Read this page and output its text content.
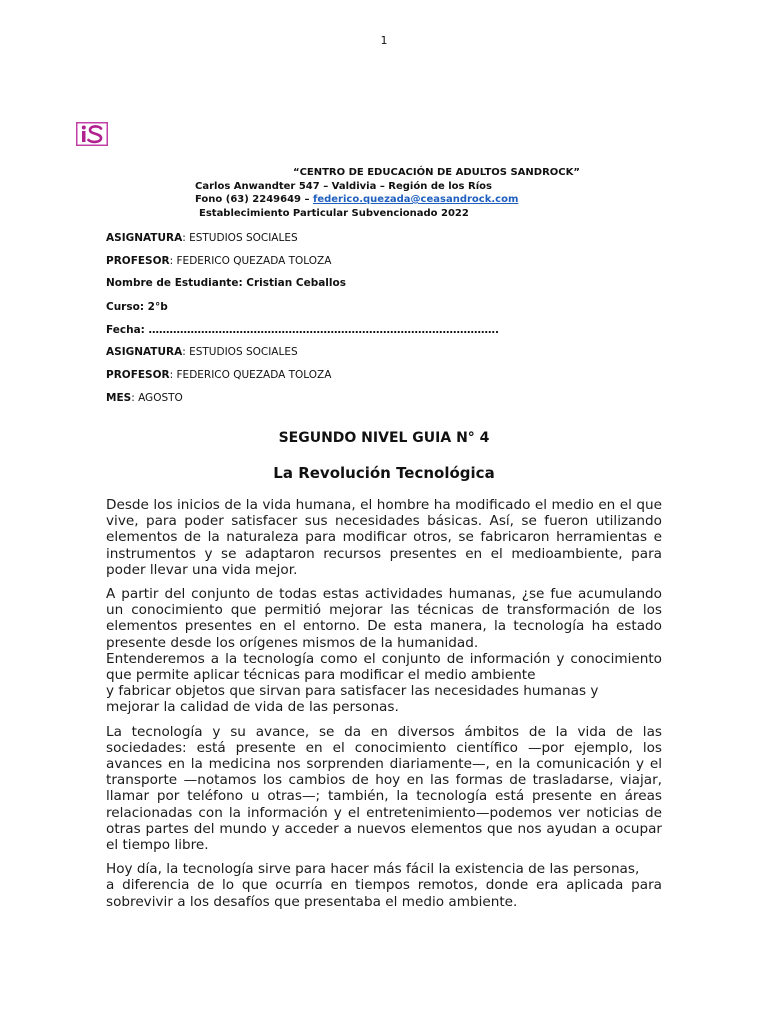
1
“CENTRO DE EDUCACIÓN DE ADULTOS SANDROCK”
Carlos Anwandter 547 – Valdivia – Región de los Ríos
Fono (63) 2249649 – federico.quezada@ceasandrock.com
Establecimiento Particular Subvencionado 2022
ASIGNATURA: ESTUDIOS SOCIALES
PROFESOR: FEDERICO QUEZADA TOLOZA
Nombre de Estudiante: Cristian Ceballos
Curso: 2°b
Fecha: ……………………………………………………………………………………….
ASIGNATURA: ESTUDIOS SOCIALES
PROFESOR: FEDERICO QUEZADA TOLOZA
MES: AGOSTO
SEGUNDO NIVEL GUIA N° 4
La Revolución Tecnológica

Desde los inicios de la vida humana, el hombre ha modificado el medio en el que vive, para poder satisfacer sus necesidades básicas. Así, se fueron utilizando elementos de la naturaleza para modificar otros, se fabricaron herramientas e instrumentos y se adaptaron recursos presentes en el medioambiente, para poder llevar una vida mejor.

A partir del conjunto de todas estas actividades humanas, ¿se fue acumulando un conocimiento que permitió mejorar las técnicas de transformación de los elementos presentes en el entorno. De esta manera, la tecnología ha estado presente desde los orígenes mismos de la humanidad.

Entenderemos a la tecnología como el conjunto de información y conocimiento que permite aplicar técnicas para modificar el medio ambiente

y fabricar objetos que sirvan para satisfacer las necesidades humanas y

mejorar la calidad de vida de las personas.

La tecnología y su avance, se da en diversos ámbitos de la vida de las sociedades: está presente en el conocimiento científico —por ejemplo, los avances en la medicina nos sorprenden diariamente—, en la comunicación y el transporte —notamos los cambios de hoy en las formas de trasladarse, viajar, llamar por teléfono u otras—; también, la tecnología está presente en áreas relacionadas con la información y el entretenimiento—podemos ver noticias de otras partes del mundo y acceder a nuevos elementos que nos ayudan a ocupar el tiempo libre.

Hoy día, la tecnología sirve para hacer más fácil la existencia de las personas,

a diferencia de lo que ocurría en tiempos remotos, donde era aplicada para sobrevivir a los desafíos que presentaba el medio ambiente.
